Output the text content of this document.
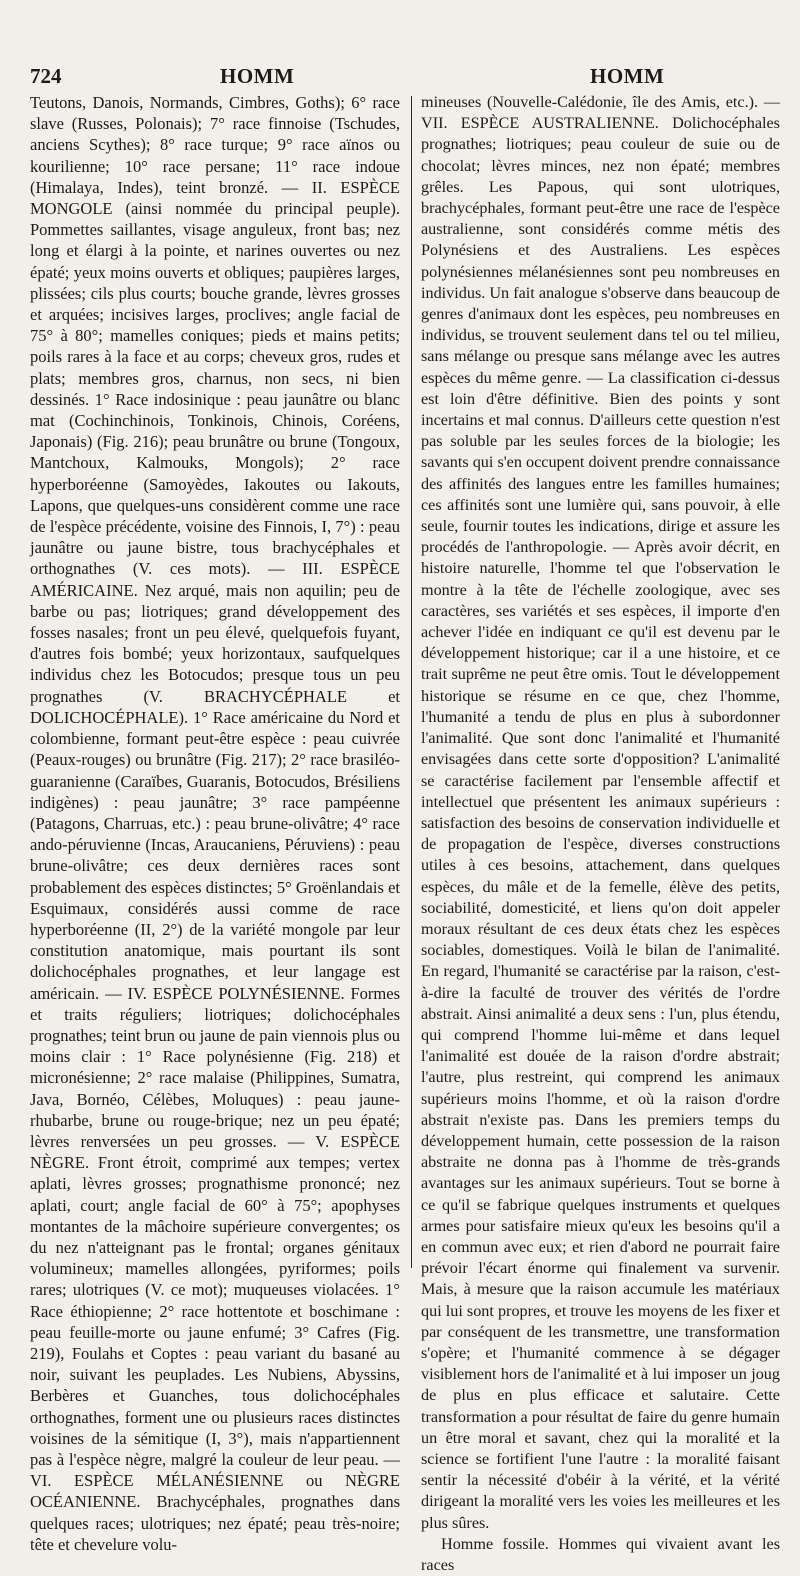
724	HOMM	HOMM

Teutons, Danois, Normands, Cimbres, Goths); 6° race slave (Russes, Polonais); 7° race finnoise (Tschudes, anciens Scythes); 8° race turque; 9° race aïnos ou kourilienne; 10° race persane; 11° race indoue (Himalaya, Indes), teint bronzé. — II. ESPÈCE MONGOLE (ainsi nommée du principal peuple). Pommettes saillantes, visage anguleux, front bas; nez long et élargi à la pointe, et narines ouvertes ou nez épaté; yeux moins ouverts et obliques; paupières larges, plissées; cils plus courts; bouche grande, lèvres grosses et arquées; incisives larges, proclives; angle facial de 75° à 80°; mamelles coniques; pieds et mains petits; poils rares à la face et au corps; cheveux gros, rudes et plats; membres gros, charnus, non secs, ni bien dessinés. 1° Race indosinique : peau jaunâtre ou blanc mat (Cochinchinois, Tonkinois, Chinois, Coréens, Japonais) (Fig. 216); peau brunâtre ou brune (Tongoux, Mantchoux, Kalmouks, Mongols); 2° race hyperboréenne (Samoyèdes, Iakoutes ou Iakouts, Lapons, que quelques-uns considèrent comme une race de l'espèce précédente, voisine des Finnois, I, 7°) : peau jaunâtre ou jaune bistre, tous brachycéphales et orthognathes (V. ces mots). — III. ESPÈCE AMÉRICAINE. Nez arqué, mais non aquilin; peu de barbe ou pas; liotriques; grand développement des fosses nasales; front un peu élevé, quelquefois fuyant, d'autres fois bombé; yeux horizontaux, saufquelques individus chez les Botocudos; presque tous un peu prognathes (V. BRACHYCÉPHALE et DOLICHOCÉPHALE). 1° Race américaine du Nord et colombienne, formant peut-être espèce : peau cuivrée (Peaux-rouges) ou brunâtre (Fig. 217); 2° race brasiléo-guaranienne (Caraïbes, Guaranis, Botocudos, Brésiliens indigènes) : peau jaunâtre; 3° race pampéenne (Patagons, Charruas, etc.) : peau brune-olivâtre; 4° race ando-péruvienne (Incas, Araucaniens, Péruviens) : peau brune-olivâtre; ces deux dernières races sont probablement des espèces distinctes; 5° Groënlandais et Esquimaux, considérés aussi comme de race hyperboréenne (II, 2°) de la variété mongole par leur constitution anatomique, mais pourtant ils sont dolichocéphales prognathes, et leur langage est américain. — IV. ESPÈCE POLYNÉSIENNE. Formes et traits réguliers; liotriques; dolichocéphales prognathes; teint brun ou jaune de pain viennois plus ou moins clair : 1° Race polynésienne (Fig. 218) et micronésienne; 2° race malaise (Philippines, Sumatra, Java, Bornéo, Célèbes, Moluques) : peau jaune-rhubarbe, brune ou rouge-brique; nez un peu épaté; lèvres renversées un peu grosses. — V. ESPÈCE NÈGRE. Front étroit, comprimé aux tempes; vertex aplati, lèvres grosses; prognathisme prononcé; nez aplati, court; angle facial de 60° à 75°; apophyses montantes de la mâchoire supérieure convergentes; os du nez n'atteignant pas le frontal; organes génitaux volumineux; mamelles allongées, pyriformes; poils rares; ulotriques (V. ce mot); muqueuses violacées. 1° Race éthiopienne; 2° race hottentote et boschimane : peau feuille-morte ou jaune enfumé; 3° Cafres (Fig. 219), Foulahs et Coptes : peau variant du basané au noir, suivant les peuplades. Les Nubiens, Abyssins, Berbères et Guanches, tous dolichocéphales orthognathes, forment une ou plusieurs races distinctes voisines de la sémitique (I, 3°), mais n'appartiennent pas à l'espèce nègre, malgré la couleur de leur peau. — VI. ESPÈCE MÉLANÉSIENNE ou NÈGRE OCÉANIENNE. Brachycéphales, prognathes dans quelques races; ulotriques; nez épaté; peau très-noire; tête et chevelure volu-

mineuses (Nouvelle-Calédonie, île des Amis, etc.). — VII. ESPÈCE AUSTRALIENNE. Dolichocéphales prognathes; liotriques; peau couleur de suie ou de chocolat; lèvres minces, nez non épaté; membres grêles. Les Papous, qui sont ulotriques, brachycéphales, formant peut-être une race de l'espèce australienne, sont considérés comme métis des Polynésiens et des Australiens. Les espèces polynésiennes mélanésiennes sont peu nombreuses en individus. Un fait analogue s'observe dans beaucoup de genres d'animaux dont les espèces, peu nombreuses en individus, se trouvent seulement dans tel ou tel milieu, sans mélange ou presque sans mélange avec les autres espèces du même genre. — La classification ci-dessus est loin d'être définitive. Bien des points y sont incertains et mal connus. D'ailleurs cette question n'est pas soluble par les seules forces de la biologie; les savants qui s'en occupent doivent prendre connaissance des affinités des langues entre les familles humaines; ces affinités sont une lumière qui, sans pouvoir, à elle seule, fournir toutes les indications, dirige et assure les procédés de l'anthropologie. — Après avoir décrit, en histoire naturelle, l'homme tel que l'observation le montre à la tête de l'échelle zoologique, avec ses caractères, ses variétés et ses espèces, il importe d'en achever l'idée en indiquant ce qu'il est devenu par le développement historique; car il a une histoire, et ce trait suprême ne peut être omis. Tout le développement historique se résume en ce que, chez l'homme, l'humanité a tendu de plus en plus à subordonner l'animalité. Que sont donc l'animalité et l'humanité envisagées dans cette sorte d'opposition? L'animalité se caractérise facilement par l'ensemble affectif et intellectuel que présentent les animaux supérieurs : satisfaction des besoins de conservation individuelle et de propagation de l'espèce, diverses constructions utiles à ces besoins, attachement, dans quelques espèces, du mâle et de la femelle, élève des petits, sociabilité, domesticité, et liens qu'on doit appeler moraux résultant de ces deux états chez les espèces sociables, domestiques. Voilà le bilan de l'animalité. En regard, l'humanité se caractérise par la raison, c'est-à-dire la faculté de trouver des vérités de l'ordre abstrait. Ainsi animalité a deux sens : l'un, plus étendu, qui comprend l'homme lui-même et dans lequel l'animalité est douée de la raison d'ordre abstrait; l'autre, plus restreint, qui comprend les animaux supérieurs moins l'homme, et où la raison d'ordre abstrait n'existe pas. Dans les premiers temps du développement humain, cette possession de la raison abstraite ne donna pas à l'homme de très-grands avantages sur les animaux supérieurs. Tout se borne à ce qu'il se fabrique quelques instruments et quelques armes pour satisfaire mieux qu'eux les besoins qu'il a en commun avec eux; et rien d'abord ne pourrait faire prévoir l'écart énorme qui finalement va survenir. Mais, à mesure que la raison accumule les matériaux qui lui sont propres, et trouve les moyens de les fixer et par conséquent de les transmettre, une transformation s'opère; et l'humanité commence à se dégager visiblement hors de l'animalité et à lui imposer un joug de plus en plus efficace et salutaire. Cette transformation a pour résultat de faire du genre humain un être moral et savant, chez qui la moralité et la science se fortifient l'une l'autre : la moralité faisant sentir la nécessité d'obéir à la vérité, et la vérité dirigeant la moralité vers les voies les meilleures et les plus sûres.

Homme fossile. Hommes qui vivaient avant les races
